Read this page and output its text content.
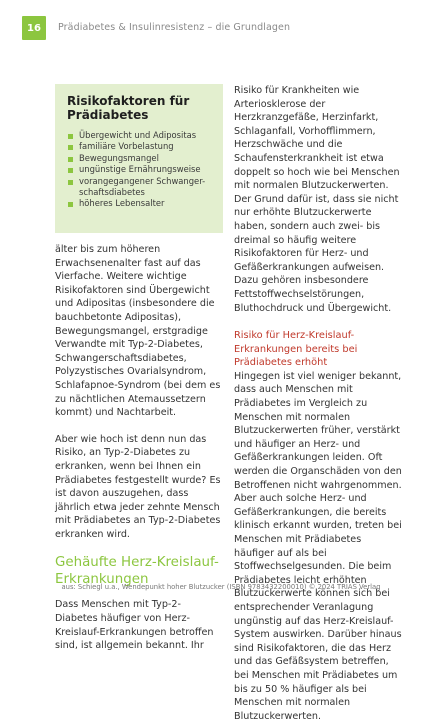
16	Prädiabetes & Insulinresistenz – die Grundlagen
Risikofaktoren für Prädiabetes
Übergewicht und Adipositas
familiäre Vorbelastung
Bewegungsmangel
ungünstige Ernährungsweise
vorangegangener Schwanger-schaftsdiabetes
höheres Lebensalter

älter bis zum höheren Erwachsenenalter fast auf das Vierfache. Weitere wichtige Risikofaktoren sind Übergewicht und Adipositas (insbesondere die bauchbetonte Adipositas), Bewegungsmangel, erstgradige Verwandte mit Typ-2-Diabetes, Schwangerschaftsdiabetes, Polyzystisches Ovarialsyndrom, Schlafapnoe-Syndrom (bei dem es zu nächtlichen Atemaussetzern kommt) und Nachtarbeit.

Aber wie hoch ist denn nun das Risiko, an Typ-2-Diabetes zu erkranken, wenn bei Ihnen ein Prädiabetes festgestellt wurde? Es ist davon auszugehen, dass jährlich etwa jeder zehnte Mensch mit Prädiabetes an Typ-2-Diabetes erkranken wird.

Gehäufte Herz-Kreislauf-Erkrankungen

Dass Menschen mit Typ-2-Diabetes häufiger von Herz-Kreislauf-Erkrankungen betroffen sind, ist allgemein bekannt. Ihr

Risiko für Krankheiten wie Arteriosklerose der Herzkranzgefäße, Herzinfarkt, Schlaganfall, Vorhofflimmern, Herzschwäche und die Schaufensterkrankheit ist etwa doppelt so hoch wie bei Menschen mit normalen Blutzuckerwerten. Der Grund dafür ist, dass sie nicht nur erhöhte Blutzuckerwerte haben, sondern auch zwei- bis dreimal so häufig weitere Risikofaktoren für Herz- und Gefäßerkrankungen aufweisen. Dazu gehören insbesondere Fettstoffwechselstörungen, Bluthochdruck und Übergewicht.

Risiko für Herz-Kreislauf-Erkrankungen bereits bei Prädiabetes erhöht

Hingegen ist viel weniger bekannt, dass auch Menschen mit Prädiabetes im Vergleich zu Menschen mit normalen Blutzuckerwerten früher, verstärkt und häufiger an Herz- und Gefäßerkrankungen leiden. Oft werden die Organschäden von den Betroffenen nicht wahrgenommen. Aber auch solche Herz- und Gefäßerkrankungen, die bereits klinisch erkannt wurden, treten bei Menschen mit Prädiabetes häufiger auf als bei Stoffwechselgesunden. Die beim Prädiabetes leicht erhöhten Blutzuckerwerte können sich bei entsprechender Veranlagung ungünstig auf das Herz-Kreislauf-System auswirken. Darüber hinaus sind Risikofaktoren, die das Herz und das Gefäßsystem betreffen, bei Menschen mit Prädiabetes um bis zu 50 % häufiger als bei Menschen mit normalen Blutzuckerwerten.

aus: Schiegl u.a., Wendepunkt hoher Blutzucker (ISBN 9783432200010) © 2024 TRIAS Verlag
